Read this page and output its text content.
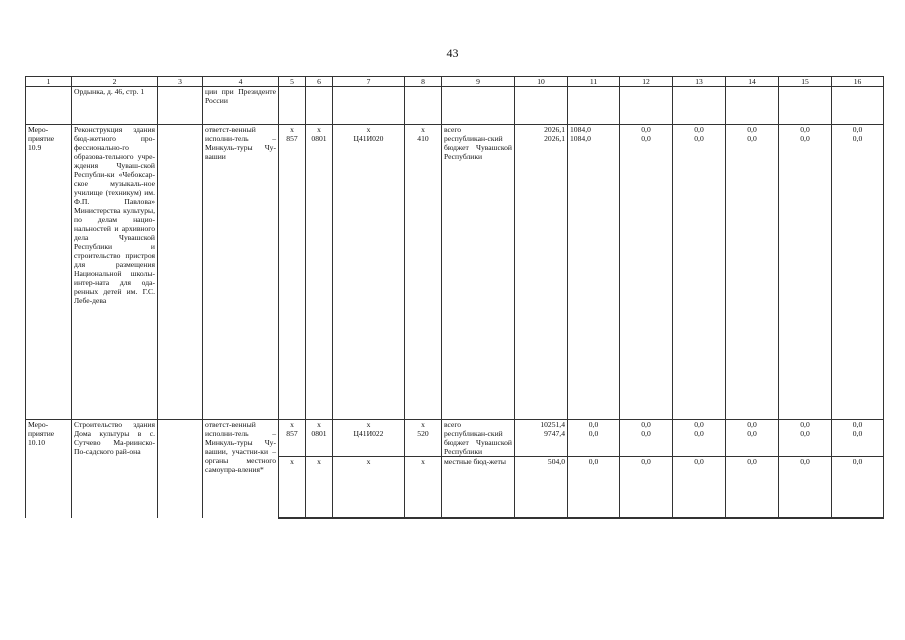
43
1	2	3	4	5	6	7	8	9	10	11	12	13	14	15	16
	Ордынка, д. 46, стр. 1		ции при Президенте России												
Меро-приятие 10.9	Реконструкция здания бюд-жетного про-фессионально-го образова-тельного учре-ждения Чуваш-ской Республи-ки «Чебоксар-ское музыкаль-ное училище (техникум) им. Ф.П. Павлова» Министерства культуры, по делам нацио-нальностей и архивного дела Чувашской Республики и строительство пристроя для размещения Национальной школы-интер-ната для ода-ренных детей им. Г.С. Лебе-дева		ответст-венный исполни-тель – Минкуль-туры Чу-вашии	х	х	х	х	всего	2026,1	1084,0	0,0	0,0	0,0	0,0	0,0
				857	0801	Ц41И020	410	республикан-ский бюджет Чувашской Республики	2026,1	1084,0	0,0	0,0	0,0	0,0	0,0

Меро-приятие 10.10	Строительство здания Дома культуры в с. Сутчево Ма-риинско-По-садского рай-она		ответст-венный исполни-тель – Минкуль-туры Чу-вашии, участни-ки – органы местного самоупра-вления*	х	х	х	х	всего	10251,4	0,0	0,0	0,0	0,0	0,0	0,0
				857	0801	Ц41И022	520	республикан-ский бюджет Чувашской Республики	9747,4	0,0	0,0	0,0	0,0	0,0	0,0
				х	х	х	х	местные бюд-жеты	504,0	0,0	0,0	0,0	0,0	0,0	0,0
